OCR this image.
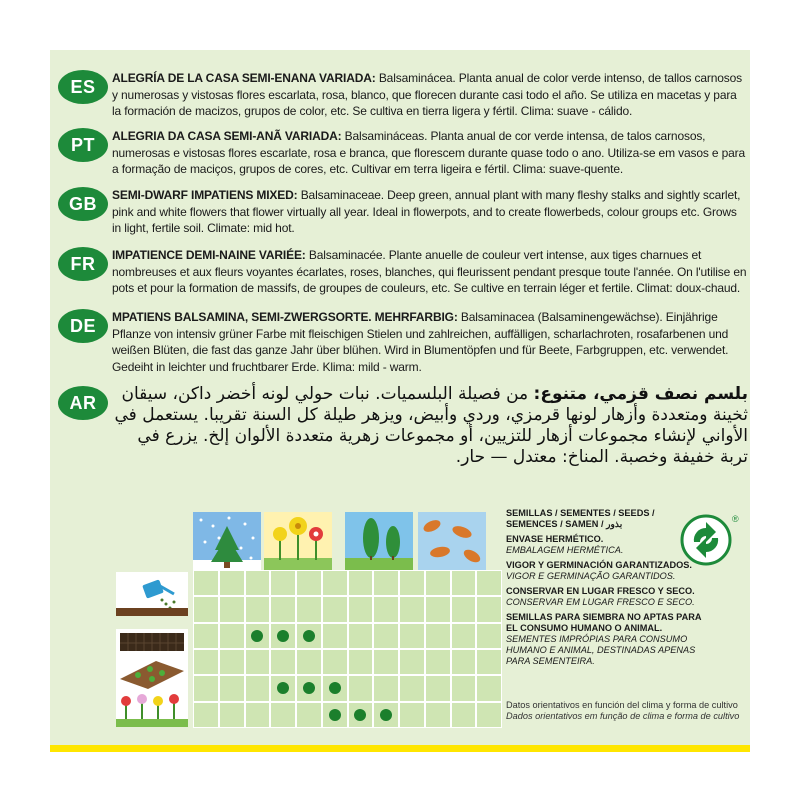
ES	ALEGRÍA DE LA CASA SEMI-ENANA VARIADA: Balsaminácea. Planta anual de color verde intenso, de tallos carnosos y numerosas y vistosas flores escarlata, rosa, blanco, que florecen durante casi todo el año. Se utiliza en macetas y para la formación de macizos, grupos de color, etc. Se cultiva en tierra ligera y fértil. Clima: suave - cálido.
PT	ALEGRIA DA CASA SEMI-ANÃ VARIADA: Balsamináceas. Planta anual de cor verde intensa, de talos carnosos, numerosas e vistosas flores escarlate, rosa e branca, que florescem durante quase todo o ano. Utiliza-se em vasos e para a formação de maciços, grupos de cores, etc. Cultivar em terra ligeira e fértil. Clima: suave-quente.
GB	SEMI-DWARF IMPATIENS MIXED: Balsaminaceae. Deep green, annual plant with many fleshy stalks and sightly scarlet, pink and white flowers that flower virtually all year. Ideal in flowerpots, and to create flowerbeds, colour groups etc. Grows in light, fertile soil. Climate: mid hot.
FR	IMPATIENCE DEMI-NAINE VARIÉE: Balsaminacée. Plante anuelle de couleur vert intense, aux tiges charnues et nombreuses et aux fleurs voyantes écarlates, roses, blanches, qui fleurissent pendant presque toute l'année. On l'utilise en pots et pour la formation de massifs, de groupes de couleurs, etc. Se cultive en terrain léger et fertile. Climat: doux-chaud.
DE	MPATIENS BALSAMINA, SEMI-ZWERGSORTE. MEHRFARBIG: Balsaminacea (Balsaminengewächse). Einjährige Pflanze von intensiv grüner Farbe mit fleischigen Stielen und zahlreichen, auffälligen, scharlachroten, rosafarbenen und weißen Blüten, die fast das ganze Jahr über blühen. Wird in Blumentöpfen und für Beete, Farbgruppen, etc. verwendet. Gedeiht in leichter und fruchtbarer Erde. Klima: mild - warm.
AR	بلسم نصف قزمي، متنوع: من فصيلة البلسميات. نبات حولي لونه أخضر داكن، سيقان ثخينة ومتعددة وأزهار لونها قرمزي، وردي وأبيض، ويزهر طيلة كل السنة تقريبا. يستعمل في الأواني لإنشاء مجموعات أزهار للتزيين، أو مجموعات زهرية متعددة الألوان إلخ. يزرع في تربة خفيفة وخصبة. المناخ: معتدل — حار.
SEMILLAS / SEMENTES / SEEDS /
SEMENCES / SAMEN / بذور
ENVASE HERMÉTICO.
EMBALAGEM HERMÉTICA.
VIGOR Y GERMINACIÓN GARANTIZADOS.
VIGOR E GERMINAÇÃO GARANTIDOS.
CONSERVAR EN LUGAR FRESCO Y SECO.
CONSERVAR EM LUGAR FRESCO E SECO.
SEMILLAS PARA SIEMBRA NO APTAS PARA EL CONSUMO HUMANO O ANIMAL.
SEMENTES IMPRÓPIAS PARA CONSUMO HUMANO E ANIMAL, DESTINADAS APENAS PARA SEMENTEIRA.
Datos orientativos en función del clima y forma de cultivo
Dados orientativos em função de clima e forma de cultivo
®
